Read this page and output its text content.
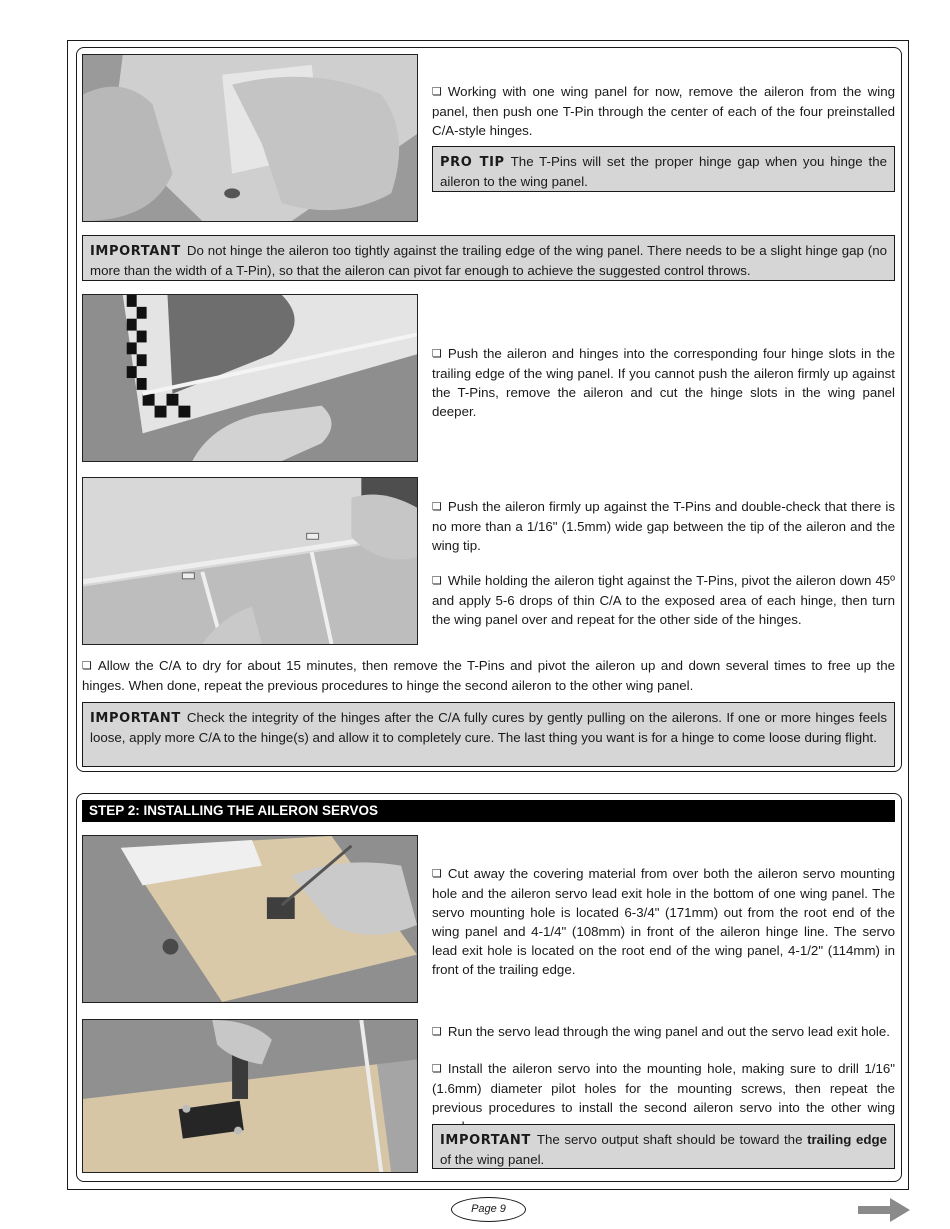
❏ Working with one wing panel for now, remove the aileron from the wing panel, then push one T-Pin through the center of each of the four preinstalled C/A-style hinges.

PRO TIP The T-Pins will set the proper hinge gap when you hinge the aileron to the wing panel.
IMPORTANT Do not hinge the aileron too tightly against the trailing edge of the wing panel. There needs to be a slight hinge gap (no more than the width of a T-Pin), so that the aileron can pivot far enough to achieve the suggested control throws.

❏ Push the aileron and hinges into the corresponding four hinge slots in the trailing edge of the wing panel. If you cannot push the aileron firmly up against the T-Pins, remove the aileron and cut the hinge slots in the wing panel deeper.

❏ Push the aileron firmly up against the T-Pins and double-check that there is no more than a 1/16" (1.5mm) wide gap between the tip of the aileron and the wing tip.

❏ While holding the aileron tight against the T-Pins, pivot the aileron down 45º and apply 5-6 drops of thin C/A to the exposed area of each hinge, then turn the wing panel over and repeat for the other side of the hinges.

❏ Allow the C/A to dry for about 15 minutes, then remove the T-Pins and pivot the aileron up and down several times to free up the hinges. When done, repeat the previous procedures to hinge the second aileron to the other wing panel.

IMPORTANT Check the integrity of the hinges after the C/A fully cures by gently pulling on the ailerons. If one or more hinges feels loose, apply more C/A to the hinge(s) and allow it to completely cure. The last thing you want is for a hinge to come loose during flight.
STEP 2: INSTALLING THE AILERON SERVOS

❏ Cut away the covering material from over both the aileron servo mounting hole and the aileron servo lead exit hole in the bottom of one wing panel. The servo mounting hole is located 6-3/4" (171mm) out from the root end of the wing panel and 4-1/4" (108mm) in front of the aileron hinge line. The servo lead exit hole is located on the root end of the wing panel, 4-1/2" (114mm) in front of the trailing edge.

❏ Run the servo lead through the wing panel and out the servo lead exit hole.

❏ Install the aileron servo into the mounting hole, making sure to drill 1/16" (1.6mm) diameter pilot holes for the mounting screws, then repeat the previous procedures to install the second aileron servo into the other wing

IMPORTANT The servo output shaft should be toward the trailing edge of the wing panel.
Page 9
